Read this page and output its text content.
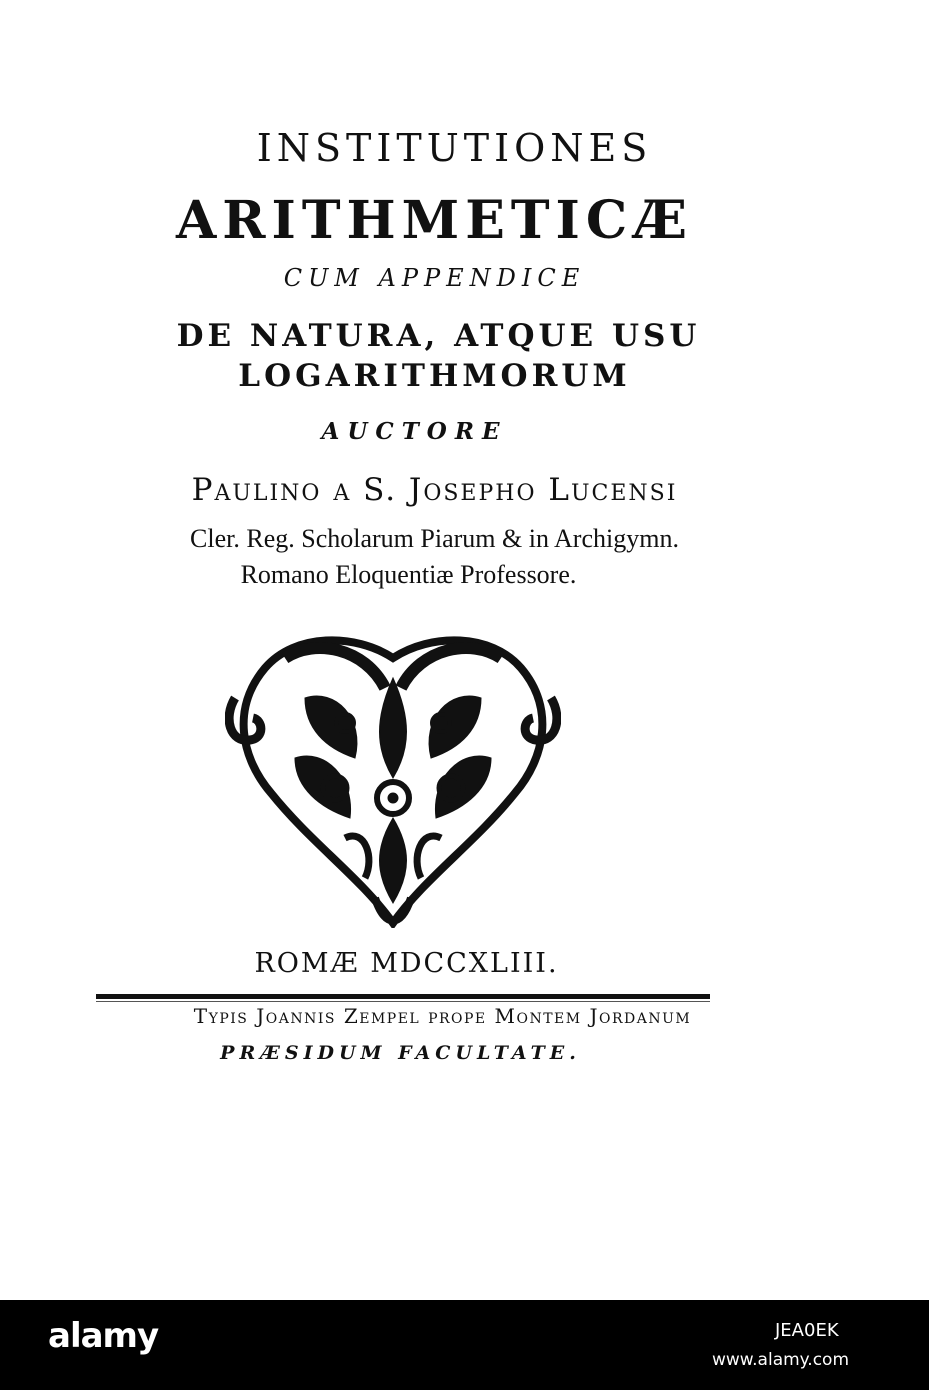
INSTITUTIONES
ARITHMETICÆ
CUM APPENDICE
DE NATURA, ATQUE USU
LOGARITHMORUM
AUCTORE
Paulino a S. Josepho Lucensi
Cler. Reg. Scholarum Piarum & in Archigymn.
Romano Eloquentiæ Professore.
ROMÆ MDCCXLIII.
Typis Joannis Zempel prope Montem Jordanum
PRÆSIDUM FACULTATE.
alamy	JEA0EK
www.alamy.com
